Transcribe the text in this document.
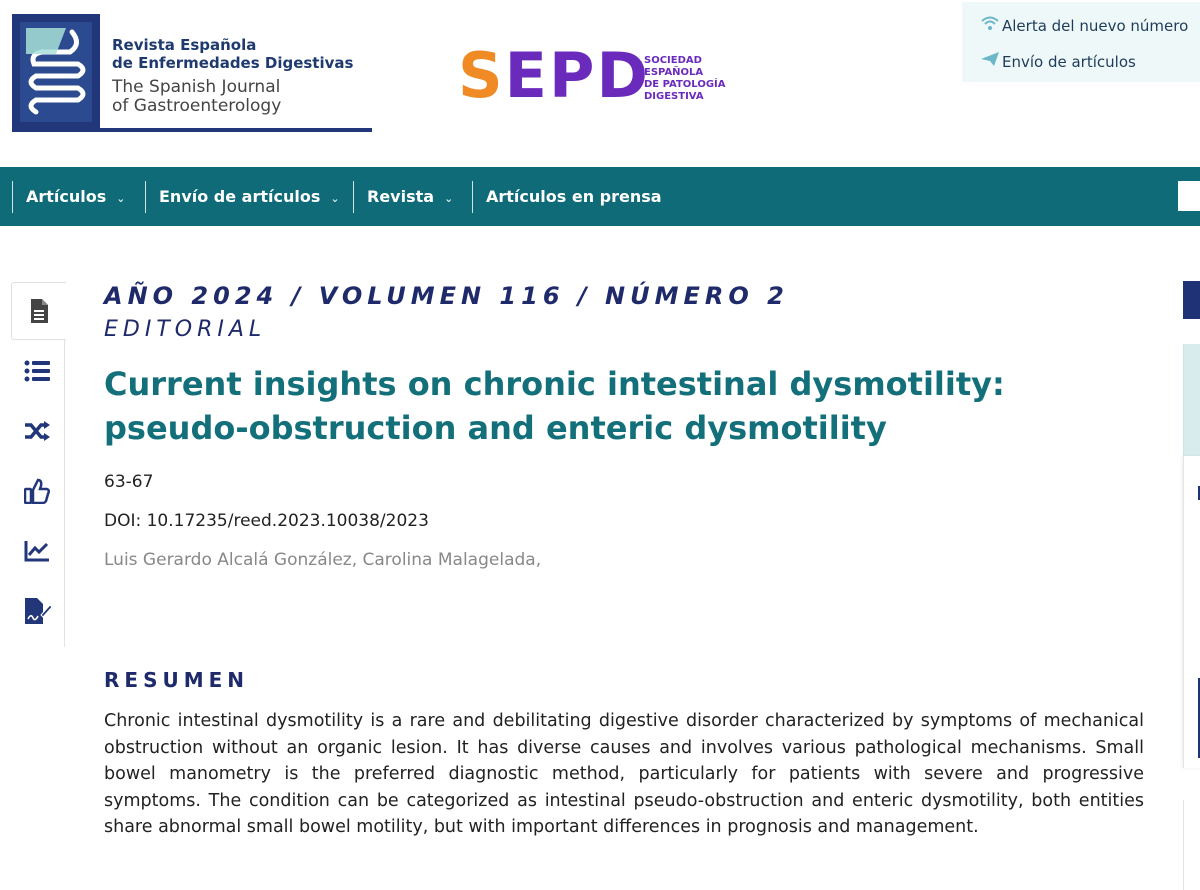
Revista Española
de Enfermedades Digestivas
The Spanish Journal
of Gastroenterology	SEPD
SOCIEDAD
ESPAÑOLA
DE PATOLOGÍA
DIGESTIVA
Alerta del nuevo número
Envío de artículos
Artículos ⌄ Envío de artículos ⌄ Revista ⌄ Artículos en prensa
AÑO 2024 / VOLUMEN 116 / NÚMERO 2
EDITORIAL
Current insights on chronic intestinal dysmotility: pseudo-obstruction and enteric dysmotility
63-67
DOI: 10.17235/reed.2023.10038/2023
Luis Gerardo Alcalá González, Carolina Malagelada,
RESUMEN
Chronic intestinal dysmotility is a rare and debilitating digestive disorder characterized by symptoms of mechanical obstruction without an organic lesion. It has diverse causes and involves various pathological mechanisms. Small bowel manometry is the preferred diagnostic method, particularly for patients with severe and progressive symptoms. The condition can be categorized as intestinal pseudo-obstruction and enteric dysmotility, both entities share abnormal small bowel motility, but with important differences in prognosis and management.
